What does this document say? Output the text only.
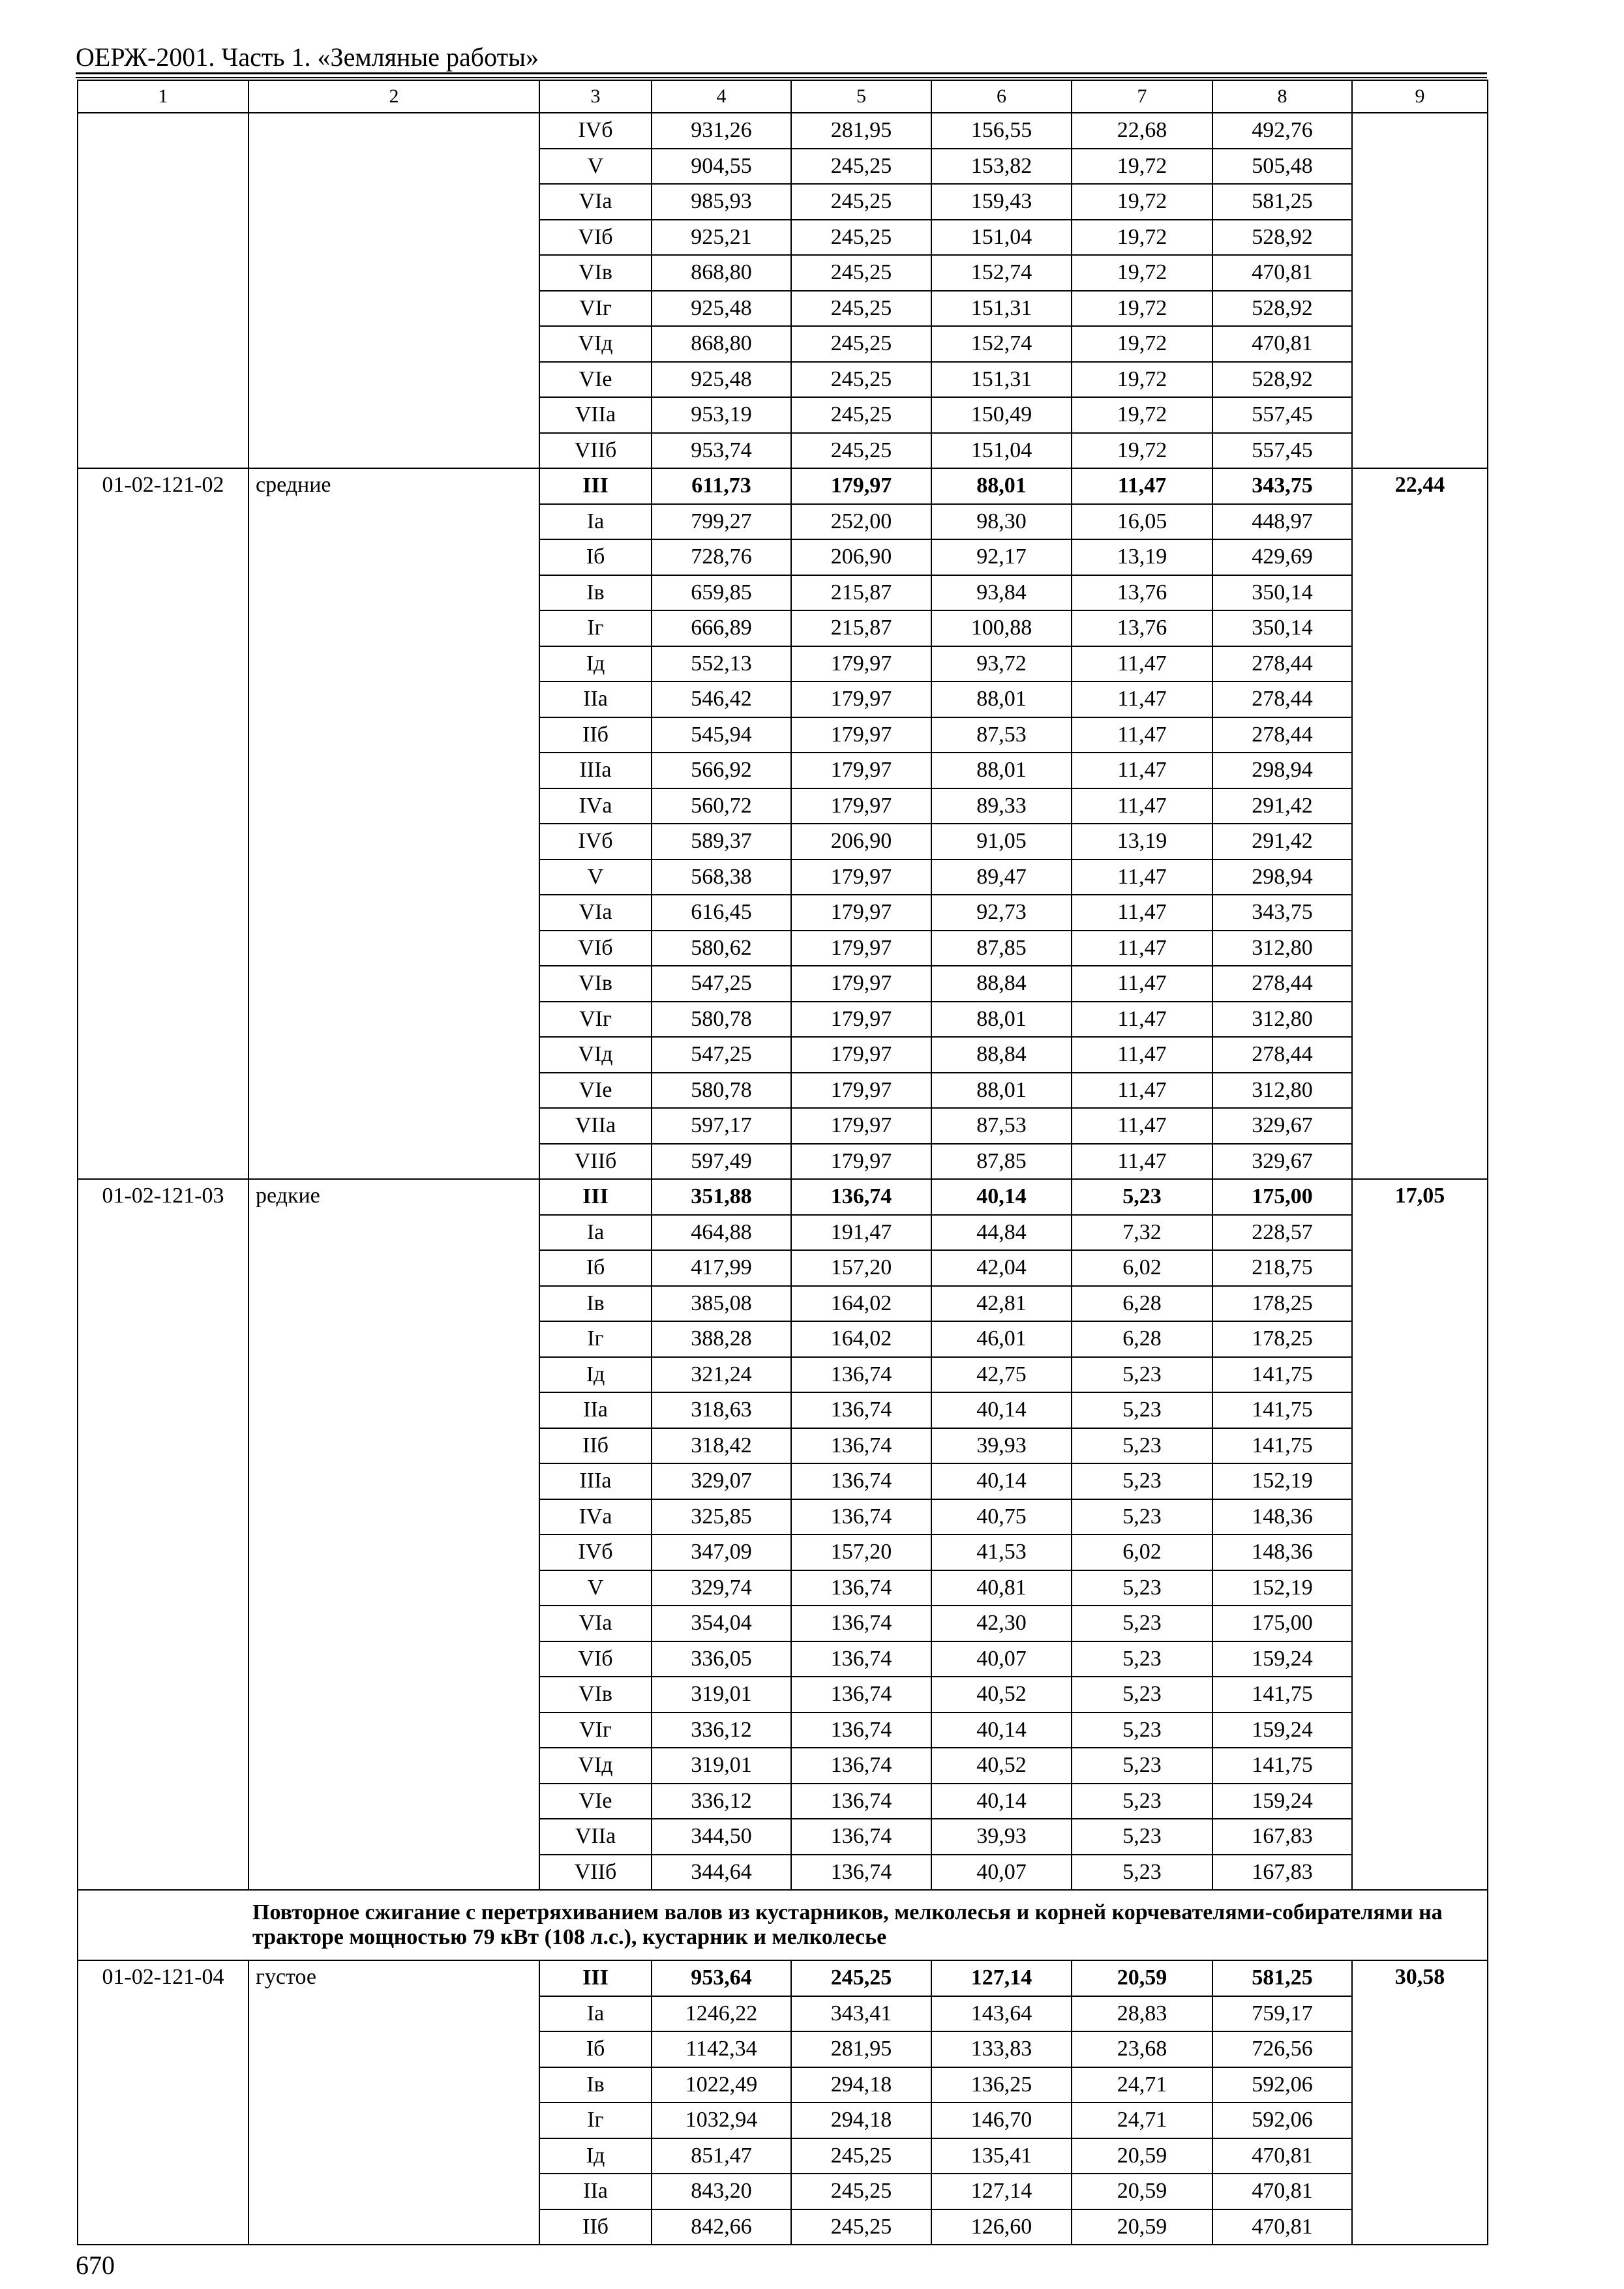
ОЕРЖ-2001. Часть 1. «Земляные работы»
1	2	3	4	5	6	7	8	9
		IVб	931,26	281,95	156,55	22,68	492,76	
		V	904,55	245,25	153,82	19,72	505,48	
		VIа	985,93	245,25	159,43	19,72	581,25	
		VIб	925,21	245,25	151,04	19,72	528,92	
		VIв	868,80	245,25	152,74	19,72	470,81	
		VIг	925,48	245,25	151,31	19,72	528,92	
		VIд	868,80	245,25	152,74	19,72	470,81	
		VIе	925,48	245,25	151,31	19,72	528,92	
		VIIа	953,19	245,25	150,49	19,72	557,45	
		VIIб	953,74	245,25	151,04	19,72	557,45	
01-02-121-02	средние	III	611,73	179,97	88,01	11,47	343,75	22,44
		Iа	799,27	252,00	98,30	16,05	448,97	
		Iб	728,76	206,90	92,17	13,19	429,69	
		Iв	659,85	215,87	93,84	13,76	350,14	
		Iг	666,89	215,87	100,88	13,76	350,14	
		Iд	552,13	179,97	93,72	11,47	278,44	
		IIа	546,42	179,97	88,01	11,47	278,44	
		IIб	545,94	179,97	87,53	11,47	278,44	
		IIIа	566,92	179,97	88,01	11,47	298,94	
		IVа	560,72	179,97	89,33	11,47	291,42	
		IVб	589,37	206,90	91,05	13,19	291,42	
		V	568,38	179,97	89,47	11,47	298,94	
		VIа	616,45	179,97	92,73	11,47	343,75	
		VIб	580,62	179,97	87,85	11,47	312,80	
		VIв	547,25	179,97	88,84	11,47	278,44	
		VIг	580,78	179,97	88,01	11,47	312,80	
		VIд	547,25	179,97	88,84	11,47	278,44	
		VIе	580,78	179,97	88,01	11,47	312,80	
		VIIа	597,17	179,97	87,53	11,47	329,67	
		VIIб	597,49	179,97	87,85	11,47	329,67	
01-02-121-03	редкие	III	351,88	136,74	40,14	5,23	175,00	17,05
		Iа	464,88	191,47	44,84	7,32	228,57	
		Iб	417,99	157,20	42,04	6,02	218,75	
		Iв	385,08	164,02	42,81	6,28	178,25	
		Iг	388,28	164,02	46,01	6,28	178,25	
		Iд	321,24	136,74	42,75	5,23	141,75	
		IIа	318,63	136,74	40,14	5,23	141,75	
		IIб	318,42	136,74	39,93	5,23	141,75	
		IIIа	329,07	136,74	40,14	5,23	152,19	
		IVа	325,85	136,74	40,75	5,23	148,36	
		IVб	347,09	157,20	41,53	6,02	148,36	
		V	329,74	136,74	40,81	5,23	152,19	
		VIа	354,04	136,74	42,30	5,23	175,00	
		VIб	336,05	136,74	40,07	5,23	159,24	
		VIв	319,01	136,74	40,52	5,23	141,75	
		VIг	336,12	136,74	40,14	5,23	159,24	
		VIд	319,01	136,74	40,52	5,23	141,75	
		VIе	336,12	136,74	40,14	5,23	159,24	
		VIIа	344,50	136,74	39,93	5,23	167,83	
		VIIб	344,64	136,74	40,07	5,23	167,83	
	Повторное сжигание с перетряхиванием валов из кустарников, мелколесья и корней корчевателями-собирателями на тракторе мощностью 79 кВт (108 л.с.), кустарник и мелколесье							
01-02-121-04	густое	III	953,64	245,25	127,14	20,59	581,25	30,58
		Iа	1246,22	343,41	143,64	28,83	759,17	
		Iб	1142,34	281,95	133,83	23,68	726,56	
		Iв	1022,49	294,18	136,25	24,71	592,06	
		Iг	1032,94	294,18	146,70	24,71	592,06	
		Iд	851,47	245,25	135,41	20,59	470,81	
		IIа	843,20	245,25	127,14	20,59	470,81	
		IIб	842,66	245,25	126,60	20,59	470,81	
670
